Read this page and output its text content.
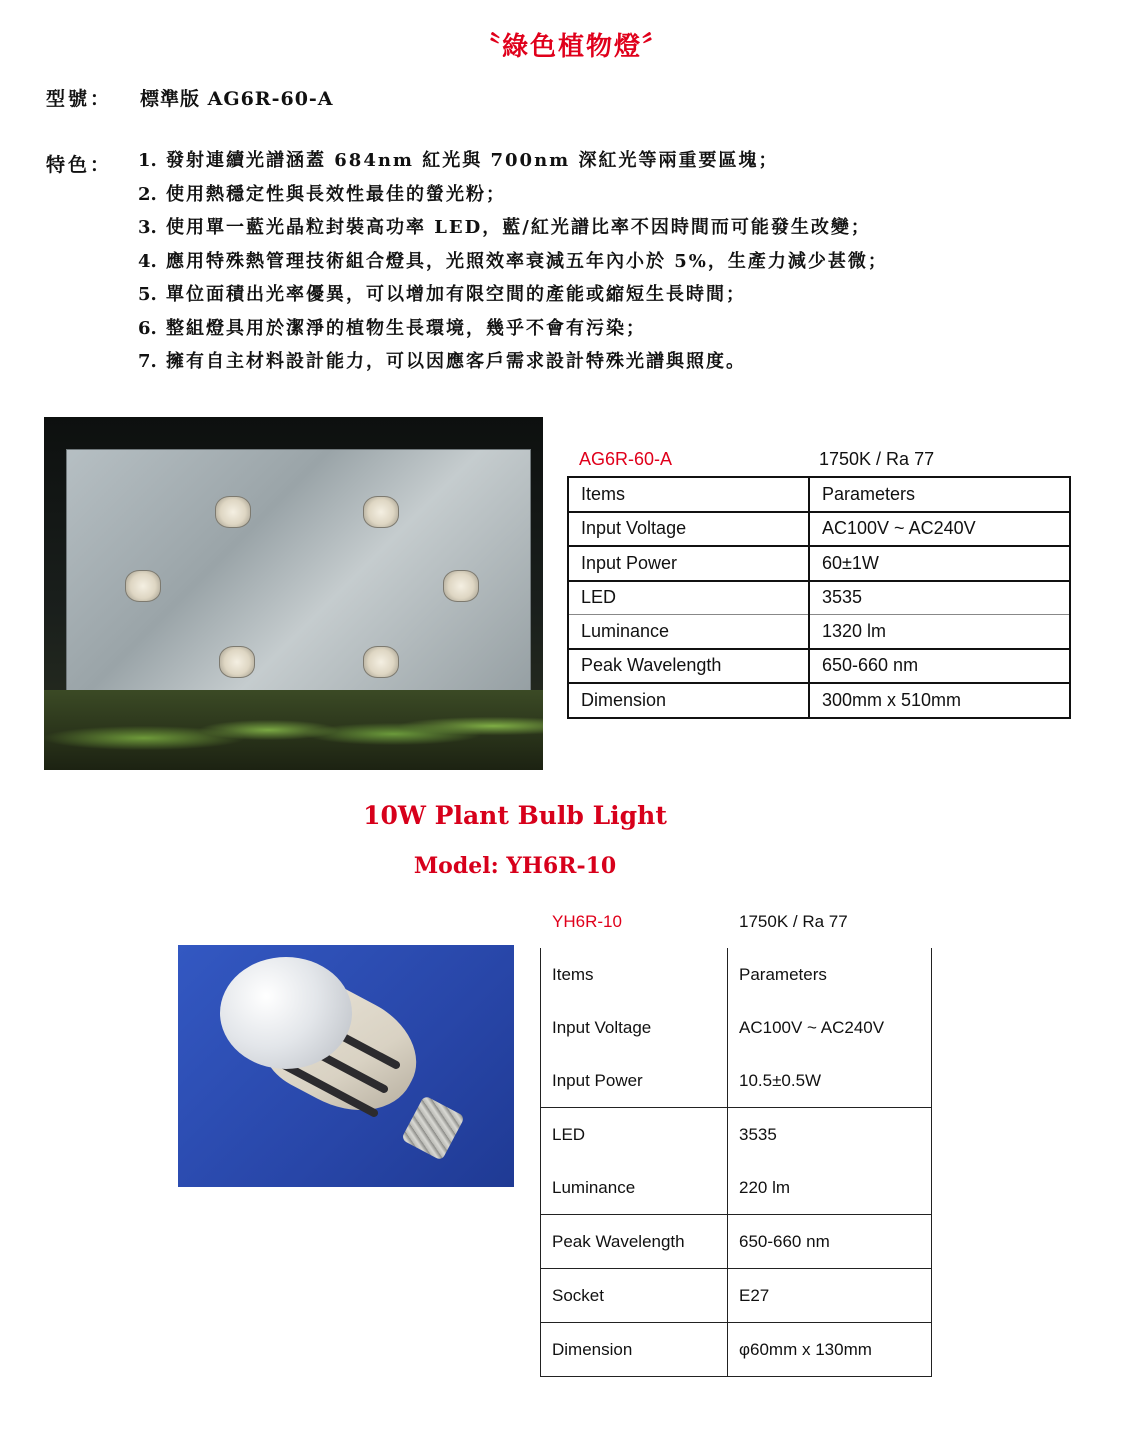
〝綠色植物燈〞
型號： 標準版 AG6R-60-A
特色： 1. 發射連續光譜涵蓋 684nm 紅光與 700nm 深紅光等兩重要區塊；
2. 使用熱穩定性與長效性最佳的螢光粉；
3. 使用單一藍光晶粒封裝高功率 LED，藍/紅光譜比率不因時間而可能發生改變；
4. 應用特殊熱管理技術組合燈具，光照效率衰減五年內小於 5%，生產力減少甚微；
5. 單位面積出光率優異，可以增加有限空間的產能或縮短生長時間；
6. 整組燈具用於潔淨的植物生長環境，幾乎不會有污染；
7. 擁有自主材料設計能力，可以因應客戶需求設計特殊光譜與照度。
AG6R-60-A	1750K / Ra 77
Items	Parameters
Input Voltage	AC100V ~ AC240V
Input Power	60±1W
LED	3535
Luminance	1320 lm
Peak Wavelength	650-660 nm
Dimension	300mm x 510mm
10W Plant Bulb Light
Model: YH6R-10
YH6R-10	1750K / Ra 77
Items	Parameters
Input Voltage	AC100V ~ AC240V
Input Power	10.5±0.5W
LED	3535
Luminance	220 lm
Peak Wavelength	650-660 nm
Socket	E27
Dimension	φ60mm x 130mm
